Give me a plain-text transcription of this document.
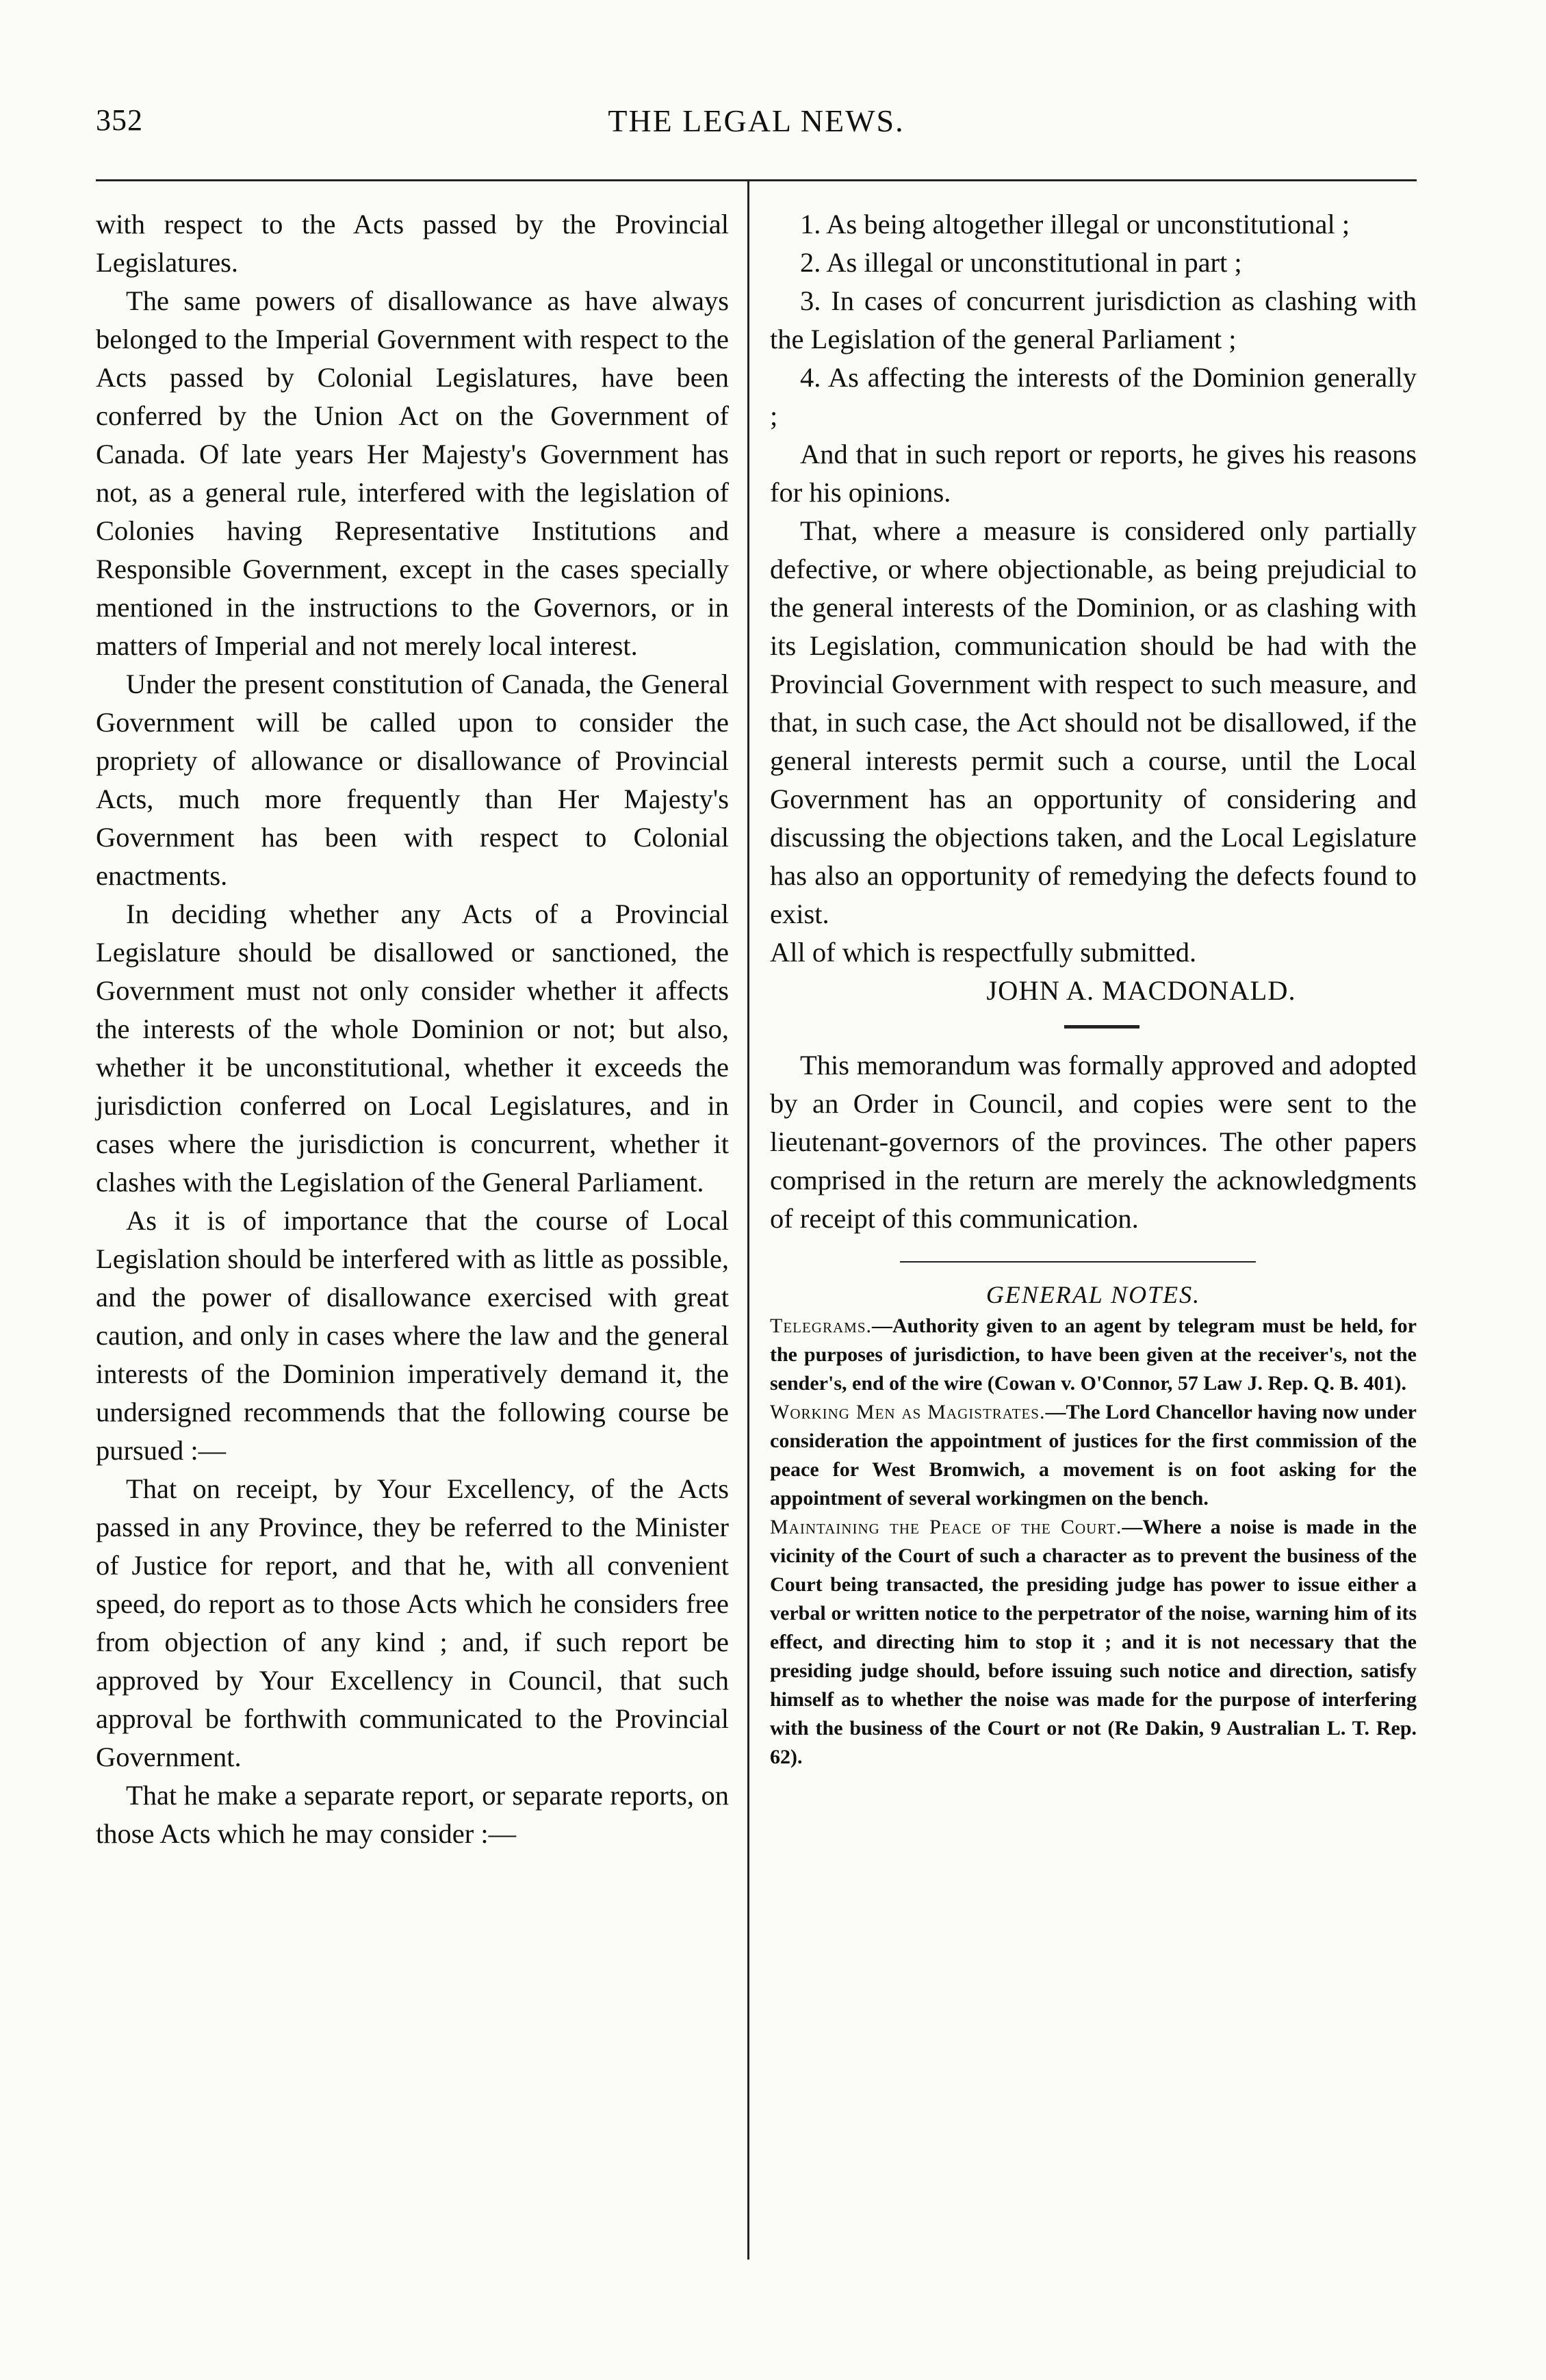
352	THE LEGAL NEWS.

with respect to the Acts passed by the Provincial Legislatures.

The same powers of disallowance as have always belonged to the Imperial Government with respect to the Acts passed by Colonial Legislatures, have been conferred by the Union Act on the Government of Canada. Of late years Her Majesty's Government has not, as a general rule, interfered with the legislation of Colonies having Representative Institutions and Responsible Government, except in the cases specially mentioned in the instructions to the Governors, or in matters of Imperial and not merely local interest.

Under the present constitution of Canada, the General Government will be called upon to consider the propriety of allowance or disallowance of Provincial Acts, much more frequently than Her Majesty's Government has been with respect to Colonial enactments.

In deciding whether any Acts of a Provincial Legislature should be disallowed or sanctioned, the Government must not only consider whether it affects the interests of the whole Dominion or not; but also, whether it be unconstitutional, whether it exceeds the jurisdiction conferred on Local Legislatures, and in cases where the jurisdiction is concurrent, whether it clashes with the Legislation of the General Parliament.

As it is of importance that the course of Local Legislation should be interfered with as little as possible, and the power of disallowance exercised with great caution, and only in cases where the law and the general interests of the Dominion imperatively demand it, the undersigned recommends that the following course be pursued :—

That on receipt, by Your Excellency, of the Acts passed in any Province, they be referred to the Minister of Justice for report, and that he, with all convenient speed, do report as to those Acts which he considers free from objection of any kind ; and, if such report be approved by Your Excellency in Council, that such approval be forthwith communicated to the Provincial Government.

That he make a separate report, or separate reports, on those Acts which he may consider :—

1. As being altogether illegal or unconstitutional ;

2. As illegal or unconstitutional in part ;

3. In cases of concurrent jurisdiction as clashing with the Legislation of the general Parliament ;

4. As affecting the interests of the Dominion generally ;

And that in such report or reports, he gives his reasons for his opinions.

That, where a measure is considered only partially defective, or where objectionable, as being prejudicial to the general interests of the Dominion, or as clashing with its Legislation, communication should be had with the Provincial Government with respect to such measure, and that, in such case, the Act should not be disallowed, if the general interests permit such a course, until the Local Government has an opportunity of considering and discussing the objections taken, and the Local Legislature has also an opportunity of remedying the defects found to exist.

All of which is respectfully submitted.

JOHN A. MACDONALD.

This memorandum was formally approved and adopted by an Order in Council, and copies were sent to the lieutenant-governors of the provinces. The other papers comprised in the return are merely the acknowledgments of receipt of this communication.

GENERAL NOTES.

Telegrams.—Authority given to an agent by telegram must be held, for the purposes of jurisdiction, to have been given at the receiver's, not the sender's, end of the wire (Cowan v. O'Connor, 57 Law J. Rep. Q. B. 401).

Working Men as Magistrates.—The Lord Chancellor having now under consideration the appointment of justices for the first commission of the peace for West Bromwich, a movement is on foot asking for the appointment of several workingmen on the bench.

Maintaining the Peace of the Court.—Where a noise is made in the vicinity of the Court of such a character as to prevent the business of the Court being transacted, the presiding judge has power to issue either a verbal or written notice to the perpetrator of the noise, warning him of its effect, and directing him to stop it ; and it is not necessary that the presiding judge should, before issuing such notice and direction, satisfy himself as to whether the noise was made for the purpose of interfering with the business of the Court or not (Re Dakin, 9 Australian L. T. Rep. 62).
